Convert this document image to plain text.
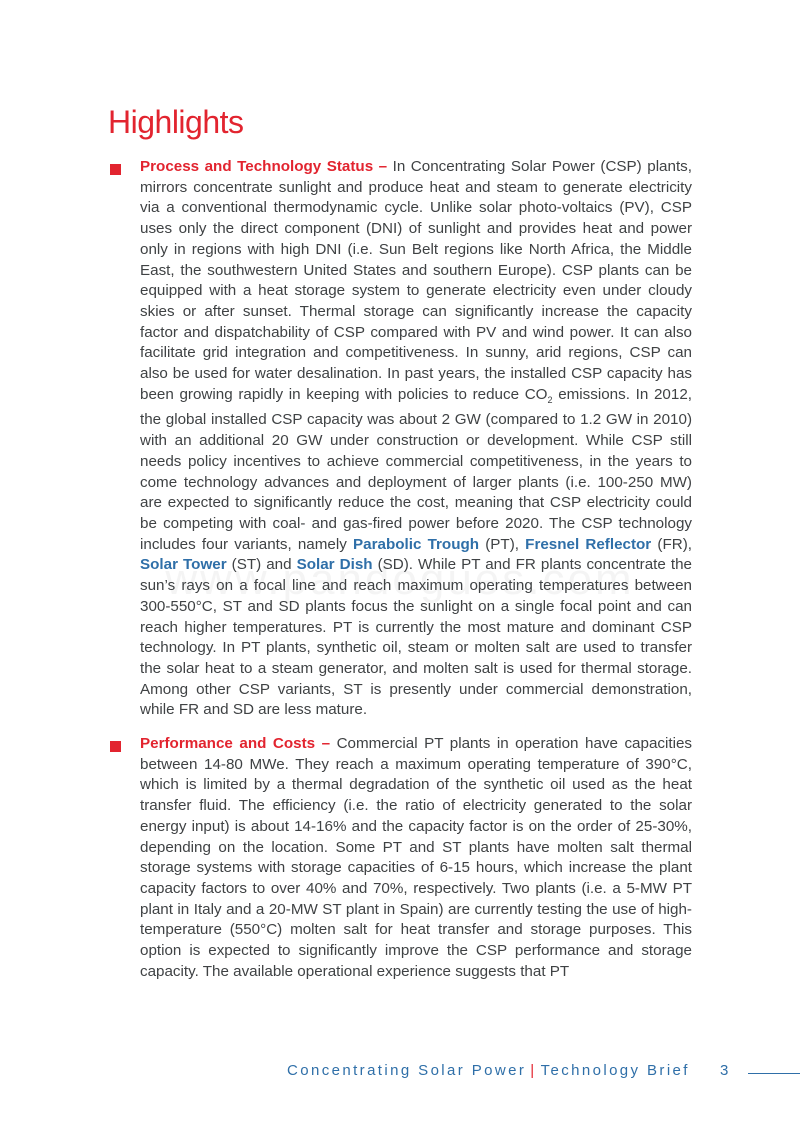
Highlights

Process and Technology Status – In Concentrating Solar Power (CSP) plants, mirrors concentrate sunlight and produce heat and steam to generate electricity via a conventional thermodynamic cycle. Unlike solar photo-voltaics (PV), CSP uses only the direct component (DNI) of sunlight and provides heat and power only in regions with high DNI (i.e. Sun Belt regions like North Africa, the Middle East, the southwestern United States and southern Europe). CSP plants can be equipped with a heat storage system to generate electricity even under cloudy skies or after sunset. Thermal storage can significantly increase the capacity factor and dispatchability of CSP compared with PV and wind power. It can also facilitate grid integration and competitiveness. In sunny, arid regions, CSP can also be used for water desalination. In past years, the installed CSP capacity has been growing rapidly in keeping with policies to reduce $CO_2$ emissions. In 2012, the global installed CSP capacity was about 2 GW (compared to 1.2 GW in 2010) with an additional 20 GW under construction or development. While CSP still needs policy incentives to achieve commercial competitiveness, in the years to come technology advances and deployment of larger plants (i.e. 100-250 MW) are expected to significantly reduce the cost, meaning that CSP electricity could be competing with coal- and gas-fired power before 2020. The CSP technology includes four variants, namely Parabolic Trough (PT), Fresnel Reflector (FR), Solar Tower (ST) and Solar Dish (SD). While PT and FR plants concentrate the sun’s rays on a focal line and reach maximum operating temperatures between 300-550°C, ST and SD plants focus the sunlight on a single focal point and can reach higher temperatures. PT is currently the most mature and dominant CSP technology. In PT plants, synthetic oil, steam or molten salt are used to transfer the solar heat to a steam generator, and molten salt is used for thermal storage. Among other CSP variants, ST is presently under commercial demonstration, while FR and SD are less mature.

Performance and Costs – Commercial PT plants in operation have capacities between 14-80 MWe. They reach a maximum operating temperature of 390°C, which is limited by a thermal degradation of the synthetic oil used as the heat transfer fluid. The efficiency (i.e. the ratio of electricity generated to the solar energy input) is about 14-16% and the capacity factor is on the order of 25-30%, depending on the location. Some PT and ST plants have molten salt thermal storage systems with storage capacities of 6-15 hours, which increase the plant capacity factors to over 40% and 70%, respectively. Two plants (i.e. a 5-MW PT plant in Italy and a 20-MW ST plant in Spain) are currently testing the use of high-temperature (550°C) molten salt for heat transfer and storage purposes. This option is expected to significantly improve the CSP performance and storage capacity. The available operational experience suggests that PT

Concentrating Solar Power | Technology Brief 3
